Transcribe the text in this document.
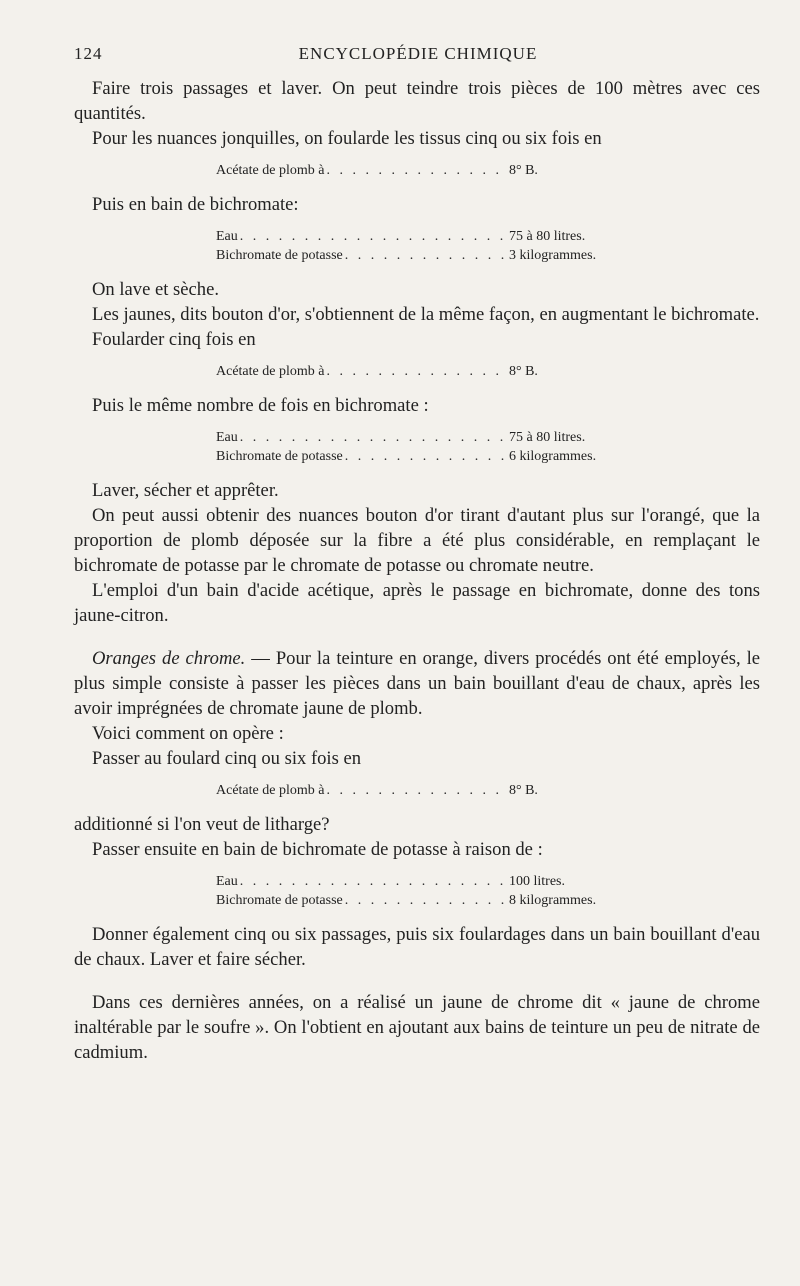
124	ENCYCLOPÉDIE CHIMIQUE

Faire trois passages et laver. On peut teindre trois pièces de 100 mètres avec ces quantités.

Pour les nuances jonquilles, on foularde les tissus cinq ou six fois en

Acétate de plomb à . . .	8° B.

Puis en bain de bichromate:

Eau . . .	75 à 80 litres.
Bichromate de potasse . . .	3 kilogrammes.

On lave et sèche.

Les jaunes, dits bouton d'or, s'obtiennent de la même façon, en augmentant le bichromate.

Foularder cinq fois en

Acétate de plomb à . . .	8° B.

Puis le même nombre de fois en bichromate :

Eau . . .	75 à 80 litres.
Bichromate de potasse . . .	6 kilogrammes.

Laver, sécher et apprêter.

On peut aussi obtenir des nuances bouton d'or tirant d'autant plus sur l'orangé, que la proportion de plomb déposée sur la fibre a été plus considérable, en remplaçant le bichromate de potasse par le chromate de potasse ou chromate neutre.

L'emploi d'un bain d'acide acétique, après le passage en bichromate, donne des tons jaune-citron.

Oranges de chrome. — Pour la teinture en orange, divers procédés ont été employés, le plus simple consiste à passer les pièces dans un bain bouillant d'eau de chaux, après les avoir imprégnées de chromate jaune de plomb.

Voici comment on opère :

Passer au foulard cinq ou six fois en

Acétate de plomb à . . .	8° B.

additionné si l'on veut de litharge?

Passer ensuite en bain de bichromate de potasse à raison de :

Eau . . .	100 litres.
Bichromate de potasse . . .	8 kilogrammes.

Donner également cinq ou six passages, puis six foulardages dans un bain bouillant d'eau de chaux. Laver et faire sécher.

Dans ces dernières années, on a réalisé un jaune de chrome dit « jaune de chrome inaltérable par le soufre ». On l'obtient en ajoutant aux bains de teinture un peu de nitrate de cadmium.
